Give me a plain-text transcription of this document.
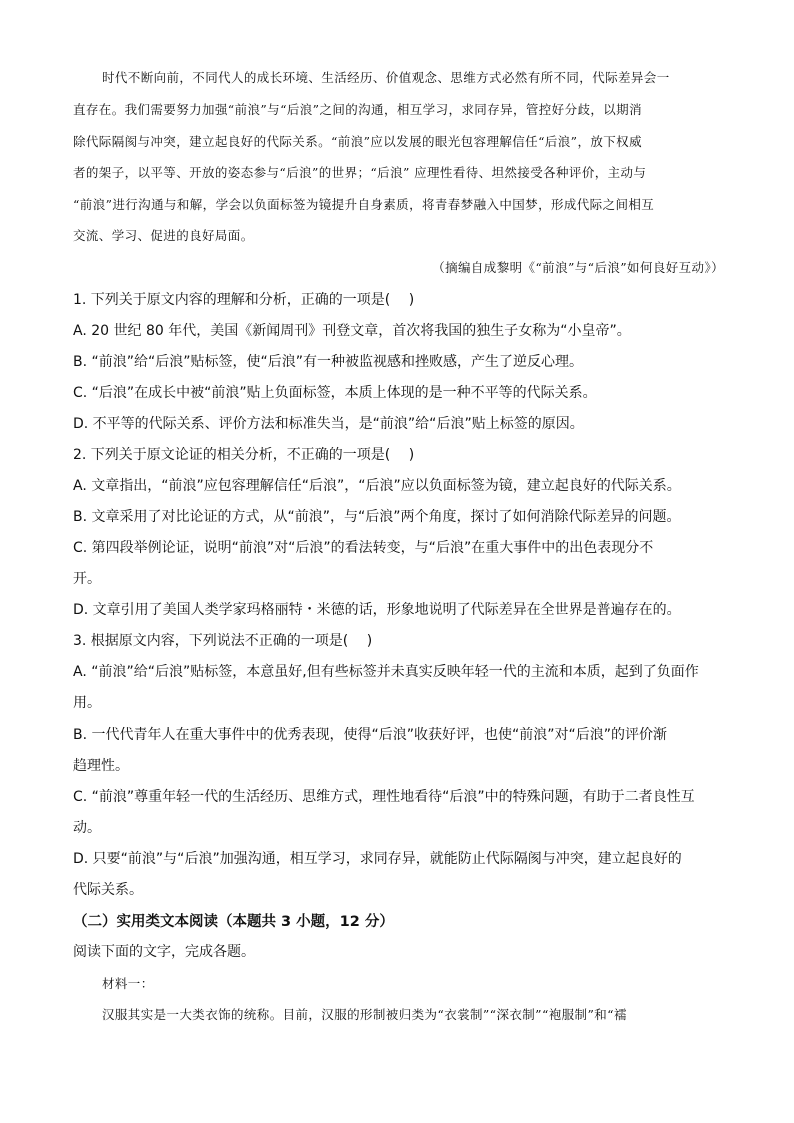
时代不断向前，不同代人的成长环境、生活经历、价值观念、思维方式必然有所不同，代际差异会一
直存在。我们需要努力加强“前浪”与“后浪”之间的沟通，相互学习，求同存异，管控好分歧，以期消
除代际隔阂与冲突，建立起良好的代际关系。“前浪”应以发展的眼光包容理解信任“后浪”，放下权威
者的架子，以平等、开放的姿态参与“后浪”的世界；“后浪” 应理性看待、坦然接受各种评价，主动与
“前浪”进行沟通与和解，学会以负面标签为镜提升自身素质，将青春梦融入中国梦，形成代际之间相互
交流、学习、促进的良好局面。
（摘编自成黎明《“前浪”与“后浪”如何良好互动》）
1. 下列关于原文内容的理解和分析，正确的一项是(　 )
A. 20 世纪 80 年代，美国《新闻周刊》刊登文章，首次将我国的独生子女称为“小皇帝”。
B. “前浪”给“后浪”贴标签，使“后浪”有一种被监视感和挫败感，产生了逆反心理。
C. “后浪”在成长中被“前浪”贴上负面标签，本质上体现的是一种不平等的代际关系。
D. 不平等的代际关系、评价方法和标准失当，是“前浪”给“后浪”贴上标签的原因。
2. 下列关于原文论证的相关分析，不正确的一项是(　 )
A. 文章指出，“前浪”应包容理解信任“后浪”，“后浪”应以负面标签为镜，建立起良好的代际关系。
B. 文章采用了对比论证的方式，从“前浪”，与“后浪”两个角度，探讨了如何消除代际差异的问题。
C. 第四段举例论证，说明“前浪”对“后浪”的看法转变，与“后浪”在重大事件中的出色表现分不
开。
D. 文章引用了美国人类学家玛格丽特・米德的话，形象地说明了代际差异在全世界是普遍存在的。
3. 根据原文内容，下列说法不正确的一项是(　 )
A. “前浪”给“后浪”贴标签，本意虽好,但有些标签并未真实反映年轻一代的主流和本质，起到了负面作
用。
B. 一代代青年人在重大事件中的优秀表现，使得“后浪”收获好评，也使“前浪”对“后浪”的评价渐
趋理性。
C. “前浪”尊重年轻一代的生活经历、思维方式，理性地看待“后浪”中的特殊问题，有助于二者良性互
动。
D. 只要“前浪”与“后浪”加强沟通，相互学习，求同存异，就能防止代际隔阂与冲突，建立起良好的
代际关系。
（二）实用类文本阅读（本题共 3 小题，12 分）
阅读下面的文字，完成各题。
材料一：
汉服其实是一大类衣饰的统称。目前，汉服的形制被归类为“衣裳制”“深衣制”“袍服制”和“襦
